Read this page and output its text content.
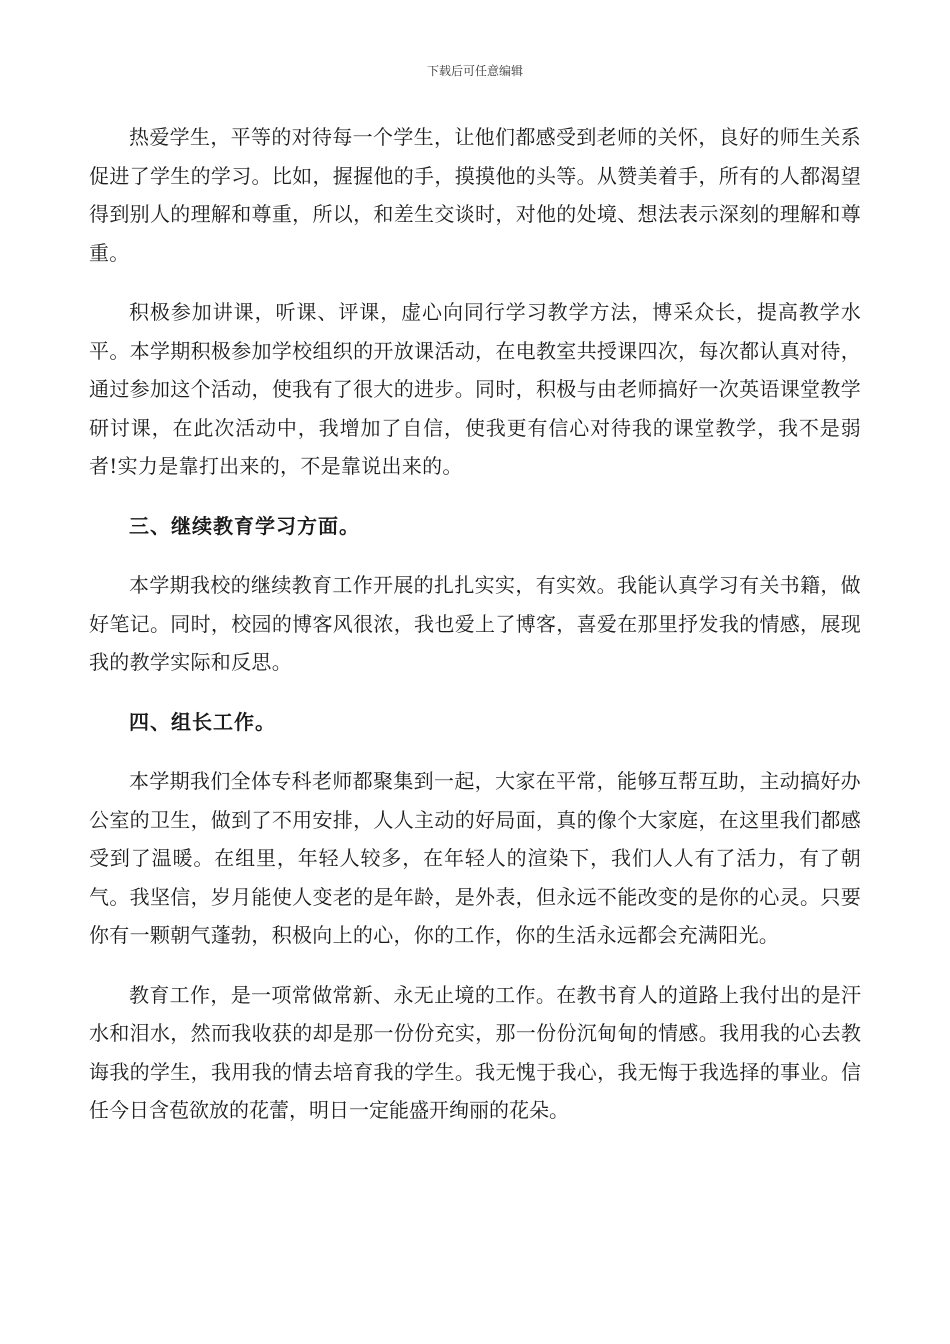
下载后可任意编辑

热爱学生，平等的对待每一个学生，让他们都感受到老师的关怀，良好的师生关系促进了学生的学习。比如，握握他的手，摸摸他的头等。从赞美着手，所有的人都渴望得到别人的理解和尊重，所以，和差生交谈时，对他的处境、想法表示深刻的理解和尊重。

积极参加讲课，听课、评课，虚心向同行学习教学方法，博采众长，提高教学水平。本学期积极参加学校组织的开放课活动，在电教室共授课四次，每次都认真对待，通过参加这个活动，使我有了很大的进步。同时，积极与由老师搞好一次英语课堂教学研讨课，在此次活动中，我增加了自信，使我更有信心对待我的课堂教学，我不是弱者!实力是靠打出来的，不是靠说出来的。

三、继续教育学习方面。

本学期我校的继续教育工作开展的扎扎实实，有实效。我能认真学习有关书籍，做好笔记。同时，校园的博客风很浓，我也爱上了博客，喜爱在那里抒发我的情感，展现我的教学实际和反思。

四、组长工作。

本学期我们全体专科老师都聚集到一起，大家在平常，能够互帮互助，主动搞好办公室的卫生，做到了不用安排，人人主动的好局面，真的像个大家庭，在这里我们都感受到了温暖。在组里，年轻人较多，在年轻人的渲染下，我们人人有了活力，有了朝气。我坚信，岁月能使人变老的是年龄，是外表，但永远不能改变的是你的心灵。只要你有一颗朝气蓬勃，积极向上的心，你的工作，你的生活永远都会充满阳光。

教育工作，是一项常做常新、永无止境的工作。在教书育人的道路上我付出的是汗水和泪水，然而我收获的却是那一份份充实，那一份份沉甸甸的情感。我用我的心去教诲我的学生，我用我的情去培育我的学生。我无愧于我心，我无悔于我选择的事业。信任今日含苞欲放的花蕾，明日一定能盛开绚丽的花朵。
